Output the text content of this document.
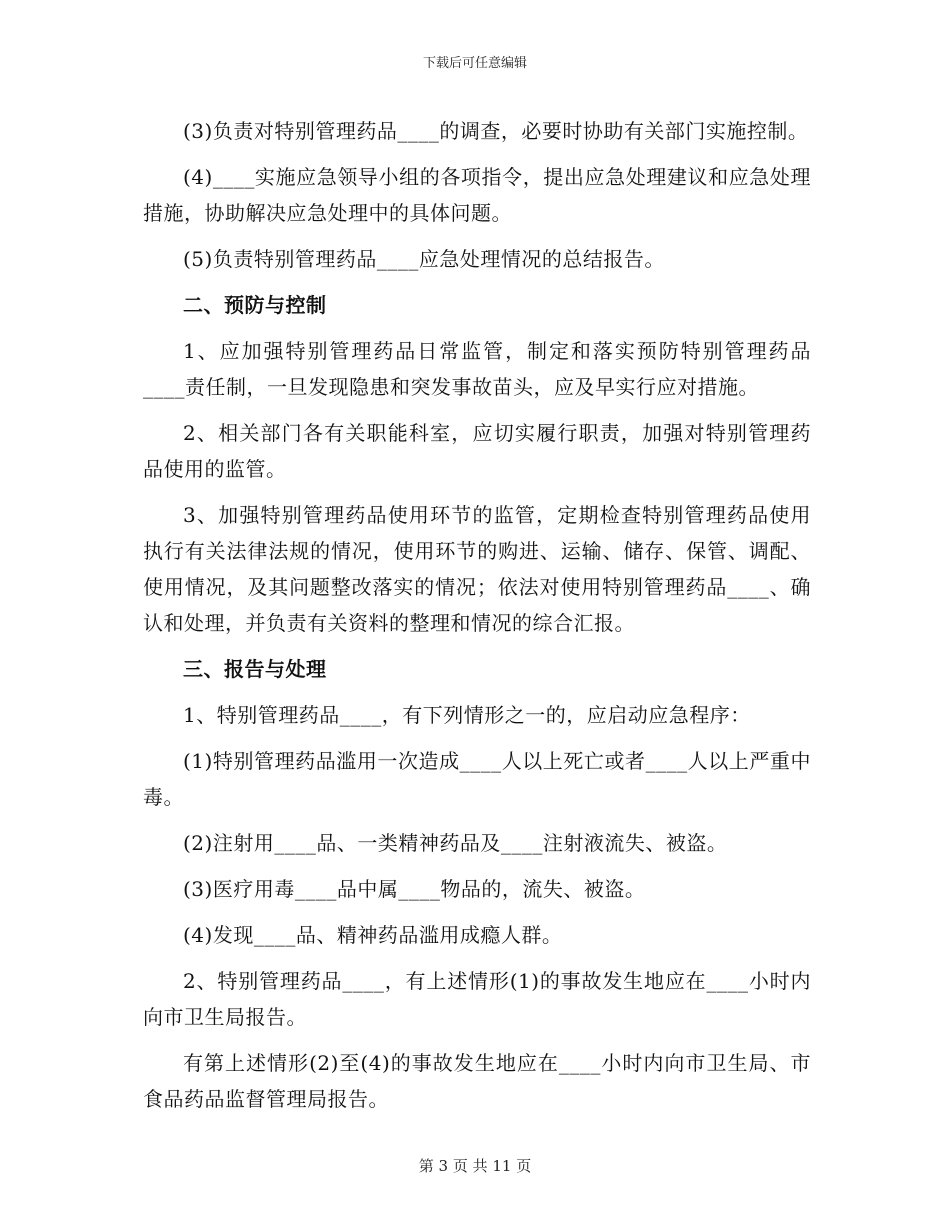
下载后可任意编辑

(3)负责对特别管理药品____的调查，必要时协助有关部门实施控制。

(4)____实施应急领导小组的各项指令，提出应急处理建议和应急处理措施，协助解决应急处理中的具体问题。

(5)负责特别管理药品____应急处理情况的总结报告。

二、预防与控制

1、应加强特别管理药品日常监管，制定和落实预防特别管理药品____责任制，一旦发现隐患和突发事故苗头，应及早实行应对措施。

2、相关部门各有关职能科室，应切实履行职责，加强对特别管理药品使用的监管。

3、加强特别管理药品使用环节的监管，定期检查特别管理药品使用执行有关法律法规的情况，使用环节的购进、运输、储存、保管、调配、使用情况，及其问题整改落实的情况；依法对使用特别管理药品____、确认和处理，并负责有关资料的整理和情况的综合汇报。

三、报告与处理

1、特别管理药品____，有下列情形之一的，应启动应急程序：

(1)特别管理药品滥用一次造成____人以上死亡或者____人以上严重中毒。

(2)注射用____品、一类精神药品及____注射液流失、被盗。

(3)医疗用毒____品中属____物品的，流失、被盗。

(4)发现____品、精神药品滥用成瘾人群。

2、特别管理药品____，有上述情形(1)的事故发生地应在____小时内向市卫生局报告。

有第上述情形(2)至(4)的事故发生地应在____小时内向市卫生局、市食品药品监督管理局报告。

第 3 页 共 11 页
